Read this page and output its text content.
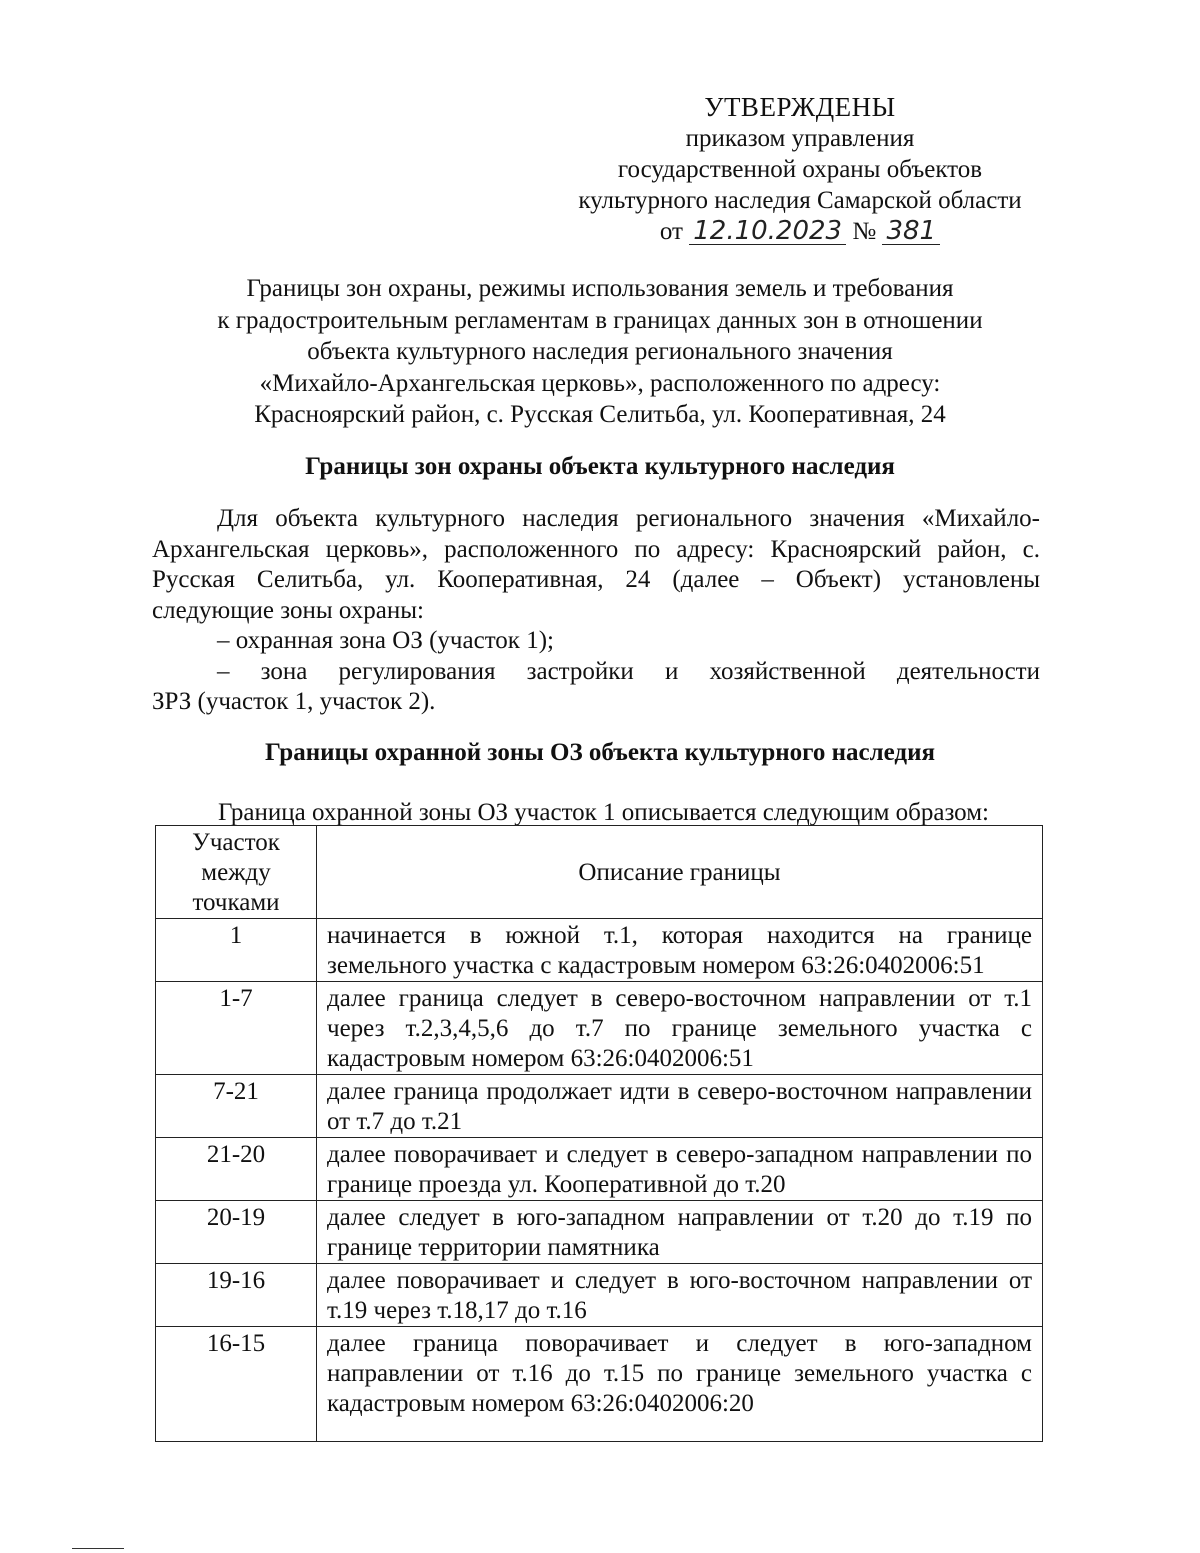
УТВЕРЖДЕНЫ
приказом управления
государственной охраны объектов
культурного наследия Самарской области
от 12.10.2023 № 381
Границы зон охраны, режимы использования земель и требования
к градостроительным регламентам в границах данных зон в отношении
объекта культурного наследия регионального значения
«Михайло-Архангельская церковь», расположенного по адресу:
Красноярский район, с. Русская Селитьба, ул. Кооперативная, 24
Границы зон охраны объекта культурного наследия

Для объекта культурного наследия регионального значения «Михайло-Архангельская церковь», расположенного по адресу: Красноярский район, с. Русская Селитьба, ул. Кооперативная, 24 (далее – Объект) установлены следующие зоны охраны:

– охранная зона ОЗ (участок 1);

– зона регулирования застройки и хозяйственной деятельности

ЗРЗ (участок 1, участок 2).

Границы охранной зоны ОЗ объекта культурного наследия
Граница охранной зоны ОЗ участок 1 описывается следующим образом:
Участок между точками	Описание границы
1	начинается в южной т.1, которая находится на границе земельного участка с кадастровым номером 63:26:0402006:51
1-7	далее граница следует в северо-восточном направлении от т.1 через т.2,3,4,5,6 до т.7 по границе земельного участка с кадастровым номером 63:26:0402006:51
7-21	далее граница продолжает идти в северо-восточном направлении от т.7 до т.21
21-20	далее поворачивает и следует в северо-западном направлении по границе проезда ул. Кооперативной до т.20
20-19	далее следует в юго-западном направлении от т.20 до т.19 по границе территории памятника
19-16	далее поворачивает и следует в юго-восточном направлении от т.19 через т.18,17 до т.16
16-15	далее граница поворачивает и следует в юго-западном направлении от т.16 до т.15 по границе земельного участка с кадастровым номером 63:26:0402006:20
